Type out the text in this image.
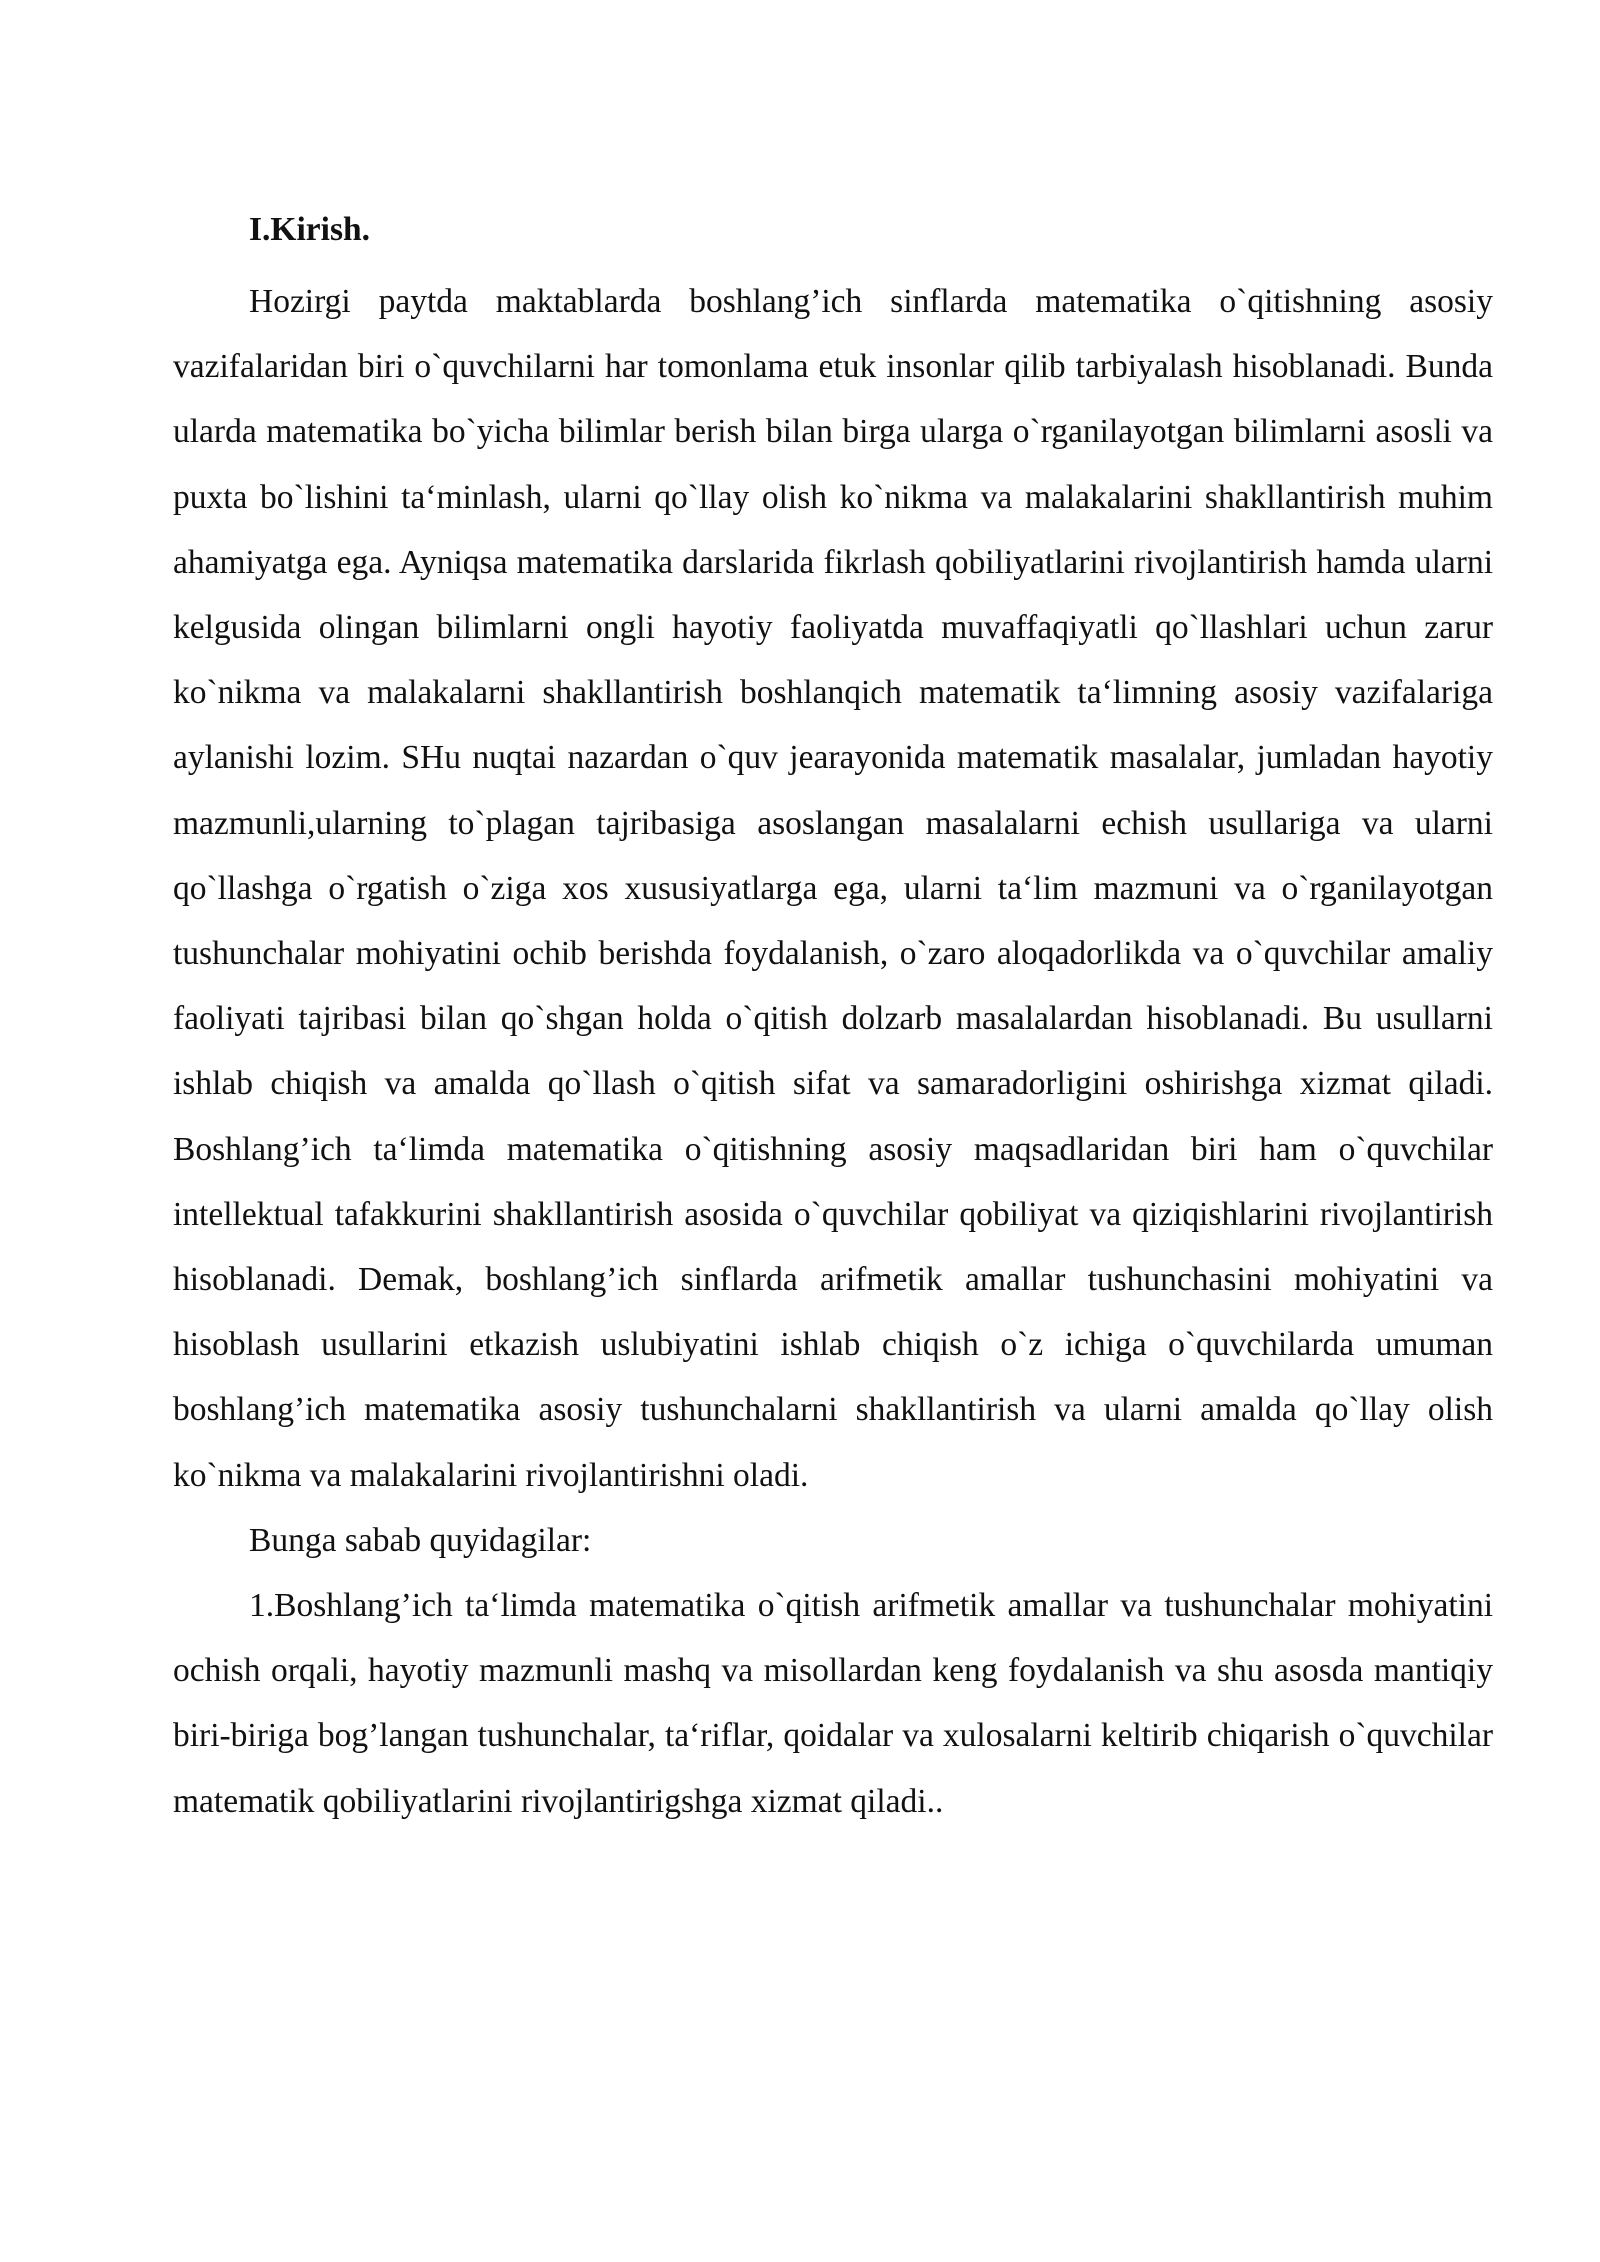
I.Kirish.

Hozirgi paytda maktablarda boshlang’ich sinflarda matematika o`qitishning asosiy vazifalaridan biri o`quvchilarni har tomonlama etuk insonlar qilib tarbiyalash hisoblanadi. Bunda ularda matematika bo`yicha bilimlar berish bilan birga ularga o`rganilayotgan bilimlarni asosli va puxta bo`lishini ta‘minlash, ularni qo`llay olish ko`nikma va malakalarini shakllantirish muhim ahamiyatga ega. Ayniqsa matematika darslarida fikrlash qobiliyatlarini rivojlantirish hamda ularni kelgusida olingan bilimlarni ongli hayotiy faoliyatda muvaffaqiyatli qo`llashlari uchun zarur ko`nikma va malakalarni shakllantirish boshlanqich matematik ta‘limning asosiy vazifalariga aylanishi lozim. SHu nuqtai nazardan o`quv jearayonida matematik masalalar, jumladan hayotiy mazmunli,ularning to`plagan tajribasiga asoslangan masalalarni echish usullariga va ularni qo`llashga o`rgatish o`ziga xos xususiyatlarga ega, ularni ta‘lim mazmuni va o`rganilayotgan tushunchalar mohiyatini ochib berishda foydalanish, o`zaro aloqadorlikda va o`quvchilar amaliy faoliyati tajribasi bilan qo`shgan holda o`qitish dolzarb masalalardan hisoblanadi. Bu usullarni ishlab chiqish va amalda qo`llash o`qitish sifat va samaradorligini oshirishga xizmat qiladi. Boshlang’ich ta‘limda matematika o`qitishning asosiy maqsadlaridan biri ham o`quvchilar intellektual tafakkurini shakllantirish asosida o`quvchilar qobiliyat va qiziqishlarini rivojlantirish hisoblanadi. Demak, boshlang’ich sinflarda arifmetik amallar tushunchasini mohiyatini va hisoblash usullarini etkazish uslubiyatini ishlab chiqish o`z ichiga o`quvchilarda umuman boshlang’ich matematika asosiy tushunchalarni shakllantirish va ularni amalda qo`llay olish ko`nikma va malakalarini rivojlantirishni oladi.

Bunga sabab quyidagilar:

1.Boshlang’ich ta‘limda matematika o`qitish arifmetik amallar va tushunchalar mohiyatini ochish orqali, hayotiy mazmunli mashq va misollardan keng foydalanish va shu asosda mantiqiy biri-biriga bog’langan tushunchalar, ta‘riflar, qoidalar va xulosalarni keltirib chiqarish o`quvchilar matematik qobiliyatlarini rivojlantirigshga xizmat qiladi..
